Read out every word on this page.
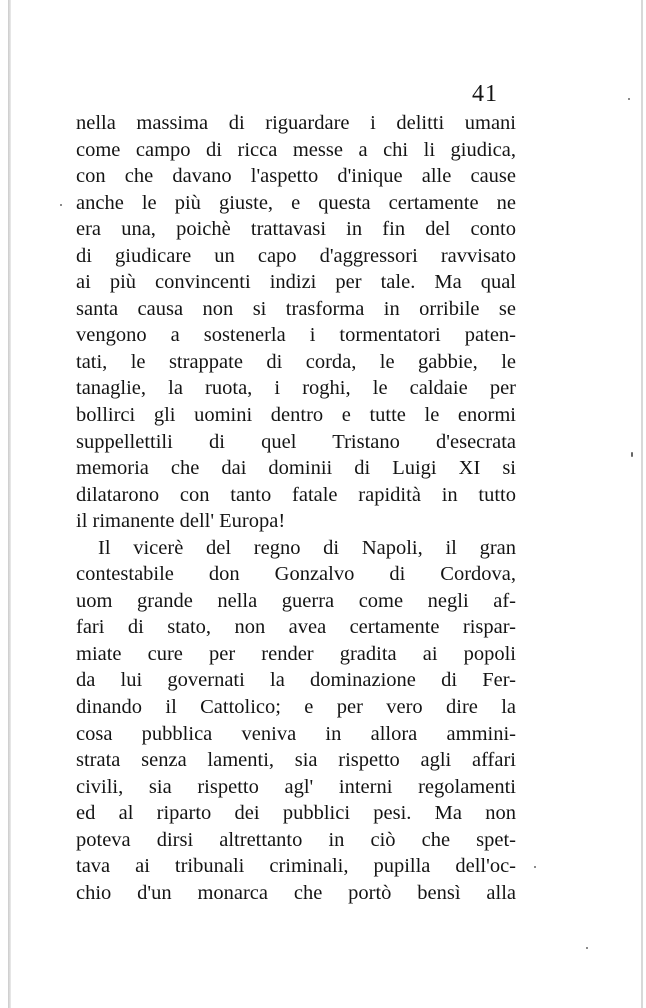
41
nella massima di riguardare i delitti umani
come campo di ricca messe a chi li giudica,
con che davano l'aspetto d'inique alle cause
anche le più giuste, e questa certamente ne
era una, poichè trattavasi in fin del conto
di giudicare un capo d'aggressori ravvisato
ai più convincenti indizi per tale. Ma qual
santa causa non si trasforma in orribile se
vengono a sostenerla i tormentatori paten-
tati, le strappate di corda, le gabbie, le
tanaglie, la ruota, i roghi, le caldaie per
bollirci gli uomini dentro e tutte le enormi
suppellettili di quel Tristano d'esecrata
memoria che dai dominii di Luigi XI si
dilatarono con tanto fatale rapidità in tutto
il rimanente dell' Europa!
Il vicerè del regno di Napoli, il gran
contestabile don Gonzalvo di Cordova,
uom grande nella guerra come negli af-
fari di stato, non avea certamente rispar-
miate cure per render gradita ai popoli
da lui governati la dominazione di Fer-
dinando il Cattolico; e per vero dire la
cosa pubblica veniva in allora ammini-
strata senza lamenti, sia rispetto agli affari
civili, sia rispetto agl' interni regolamenti
ed al riparto dei pubblici pesi. Ma non
poteva dirsi altrettanto in ciò che spet-
tava ai tribunali criminali, pupilla dell'oc-
chio d'un monarca che portò bensì alla
